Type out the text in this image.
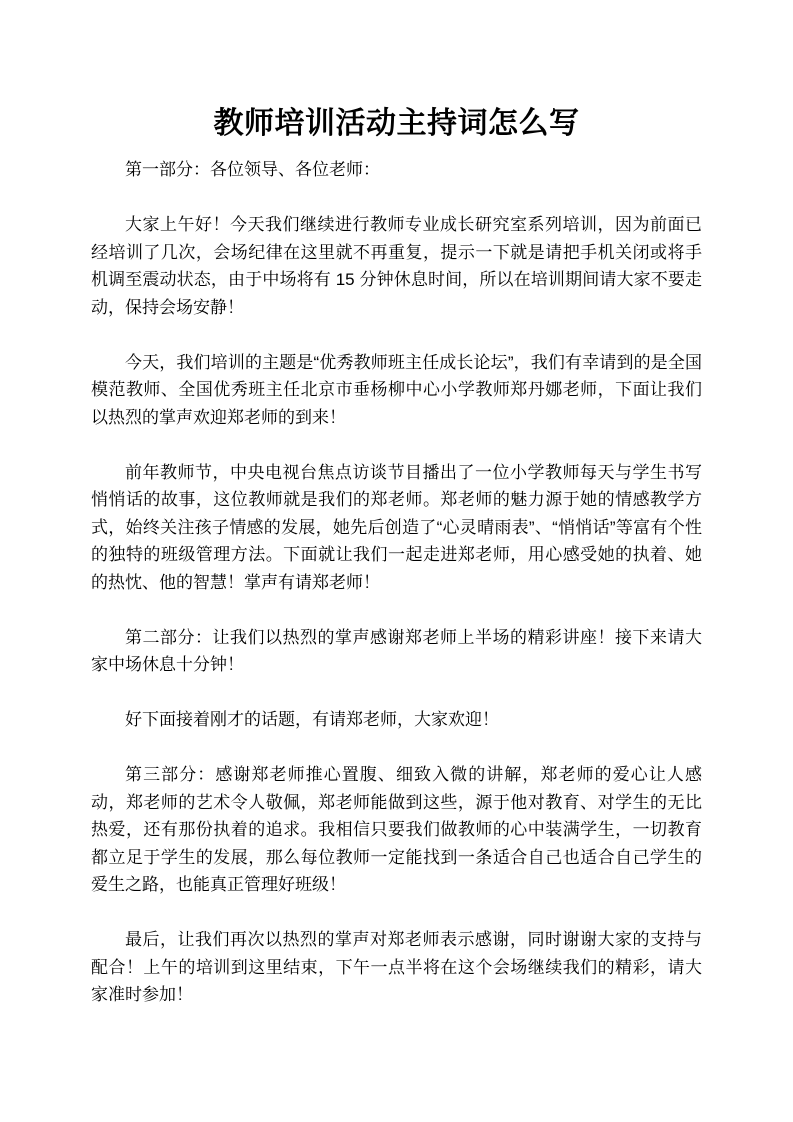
教师培训活动主持词怎么写

第一部分：各位领导、各位老师：

大家上午好！今天我们继续进行教师专业成长研究室系列培训，因为前面已经培训了几次，会场纪律在这里就不再重复，提示一下就是请把手机关闭或将手机调至震动状态，由于中场将有 15 分钟休息时间，所以在培训期间请大家不要走动，保持会场安静！

今天，我们培训的主题是“优秀教师班主任成长论坛”，我们有幸请到的是全国模范教师、全国优秀班主任北京市垂杨柳中心小学教师郑丹娜老师，下面让我们以热烈的掌声欢迎郑老师的到来！

前年教师节，中央电视台焦点访谈节目播出了一位小学教师每天与学生书写悄悄话的故事，这位教师就是我们的郑老师。郑老师的魅力源于她的情感教学方式，始终关注孩子情感的发展，她先后创造了“心灵晴雨表”、“悄悄话”等富有个性的独特的班级管理方法。下面就让我们一起走进郑老师，用心感受她的执着、她的热忱、他的智慧！掌声有请郑老师！

第二部分：让我们以热烈的掌声感谢郑老师上半场的精彩讲座！接下来请大家中场休息十分钟！

好下面接着刚才的话题，有请郑老师，大家欢迎！

第三部分：感谢郑老师推心置腹、细致入微的讲解，郑老师的爱心让人感动，郑老师的艺术令人敬佩，郑老师能做到这些，源于他对教育、对学生的无比热爱，还有那份执着的追求。我相信只要我们做教师的心中装满学生，一切教育都立足于学生的发展，那么每位教师一定能找到一条适合自己也适合自己学生的爱生之路，也能真正管理好班级！

最后，让我们再次以热烈的掌声对郑老师表示感谢，同时谢谢大家的支持与配合！上午的培训到这里结束，下午一点半将在这个会场继续我们的精彩，请大家准时参加！
